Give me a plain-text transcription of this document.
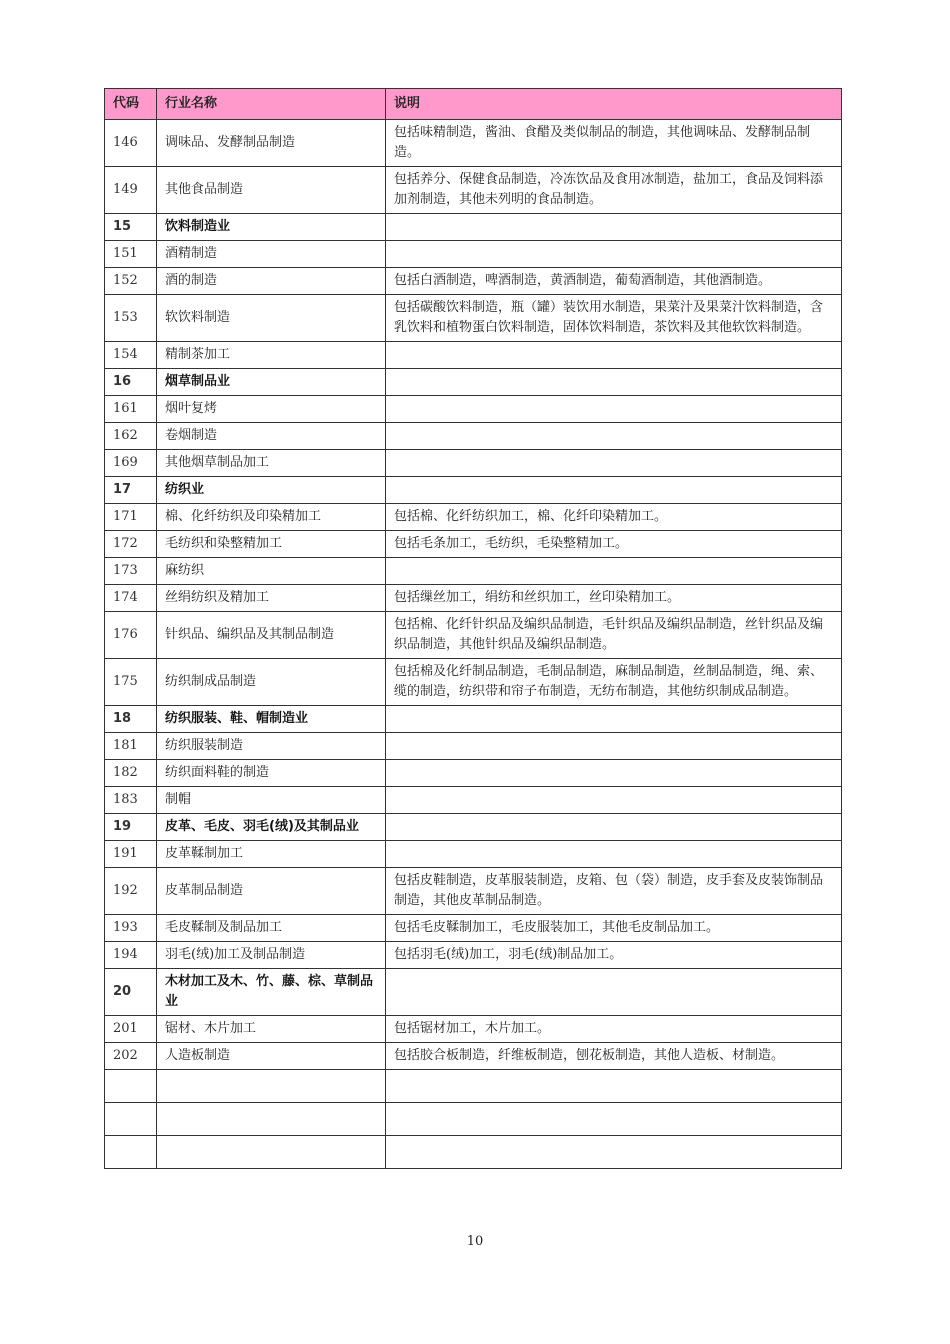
代码	行业名称	说明
146	调味品、发酵制品制造	包括味精制造，酱油、食醋及类似制品的制造，其他调味品、发酵制品制造。
149	其他食品制造	包括养分、保健食品制造，冷冻饮品及食用冰制造，盐加工，食品及饲料添加剂制造，其他未列明的食品制造。
15	饮料制造业	
151	酒精制造	
152	酒的制造	包括白酒制造，啤酒制造，黄酒制造，葡萄酒制造，其他酒制造。
153	软饮料制造	包括碳酸饮料制造，瓶（罐）装饮用水制造，果菜汁及果菜汁饮料制造，含乳饮料和植物蛋白饮料制造，固体饮料制造，茶饮料及其他软饮料制造。
154	精制茶加工	
16	烟草制品业	
161	烟叶复烤	
162	卷烟制造	
169	其他烟草制品加工	
17	纺织业	
171	棉、化纤纺织及印染精加工	包括棉、化纤纺织加工，棉、化纤印染精加工。
172	毛纺织和染整精加工	包括毛条加工，毛纺织，毛染整精加工。
173	麻纺织	
174	丝绢纺织及精加工	包括缫丝加工，绢纺和丝织加工，丝印染精加工。
176	针织品、编织品及其制品制造	包括棉、化纤针织品及编织品制造，毛针织品及编织品制造，丝针织品及编织品制造，其他针织品及编织品制造。
175	纺织制成品制造	包括棉及化纤制品制造，毛制品制造，麻制品制造，丝制品制造，绳、索、缆的制造，纺织带和帘子布制造，无纺布制造，其他纺织制成品制造。
18	纺织服装、鞋、帽制造业	
181	纺织服装制造	
182	纺织面料鞋的制造	
183	制帽	
19	皮革、毛皮、羽毛(绒)及其制品业	
191	皮革鞣制加工	
192	皮革制品制造	包括皮鞋制造，皮革服装制造，皮箱、包（袋）制造，皮手套及皮装饰制品制造，其他皮革制品制造。
193	毛皮鞣制及制品加工	包括毛皮鞣制加工，毛皮服装加工，其他毛皮制品加工。
194	羽毛(绒)加工及制品制造	包括羽毛(绒)加工，羽毛(绒)制品加工。
20	木材加工及木、竹、藤、棕、草制品业	
201	锯材、木片加工	包括锯材加工，木片加工。
202	人造板制造	包括胶合板制造，纤维板制造，刨花板制造，其他人造板、材制造。

10
